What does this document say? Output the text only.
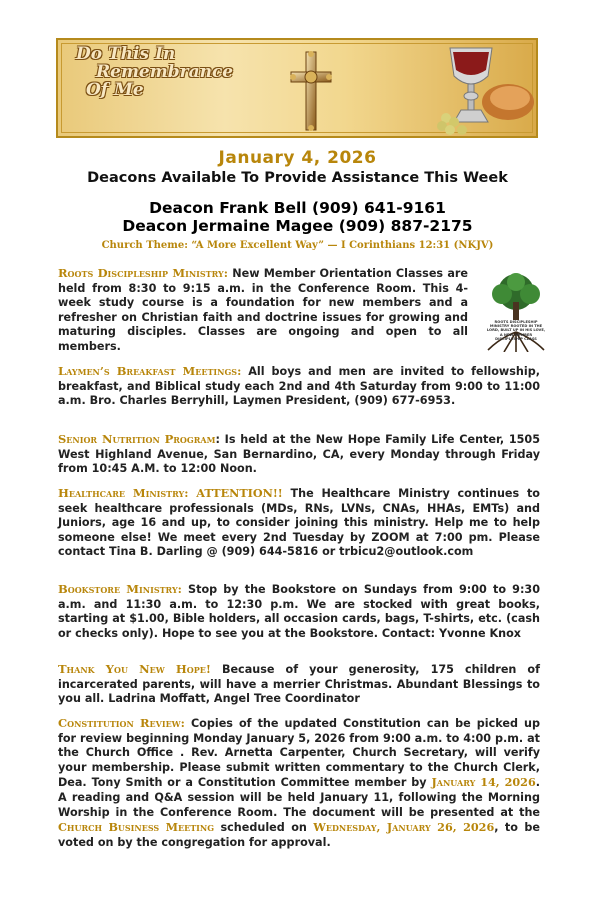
Do This In
Remembrance
Of Me
January 4, 2026
Deacons Available To Provide Assistance This Week
Deacon Frank Bell (909) 641-9161
Deacon Jermaine Magee (909) 887-2175
Church Theme: “A More Excellent Way” — I Corinthians 12:31 (NKJV)
Roots Discipleship Ministry: New Member Orientation Classes are held from 8:30 to 9:15 a.m. in the Conference Room. This 4-week study course is a foundation for new members and a refresher on Christian faith and doctrine issues for growing and maturing disciples. Classes are ongoing and open to all members.
ROOTS DISCIPLESHIP MINISTRY ROOTED IN THE LORD, BUILT UP IN HIS LOVE, A NEW MEMBER DISCIPLESHIP CLASS
Laymen’s Breakfast Meetings: All boys and men are invited to fellowship, breakfast, and Biblical study each 2nd and 4th Saturday from 9:00 to 11:00 a.m. Bro. Charles Berryhill, Laymen President, (909) 677-6953.
Senior Nutrition Program: Is held at the New Hope Family Life Center, 1505 West Highland Avenue, San Bernardino, CA, every Monday through Friday from 10:45 A.M. to 12:00 Noon.
Healthcare Ministry: ATTENTION!! The Healthcare Ministry continues to seek healthcare professionals (MDs, RNs, LVNs, CNAs, HHAs, EMTs) and Juniors, age 16 and up, to consider joining this ministry. Help me to help someone else! We meet every 2nd Tuesday by ZOOM at 7:00 pm. Please contact Tina B. Darling @ (909) 644-5816 or trbicu2@outlook.com
Bookstore Ministry: Stop by the Bookstore on Sundays from 9:00 to 9:30 a.m. and 11:30 a.m. to 12:30 p.m. We are stocked with great books, starting at $1.00, Bible holders, all occasion cards, bags, T-shirts, etc. (cash or checks only). Hope to see you at the Bookstore. Contact: Yvonne Knox
Thank You New Hope! Because of your generosity, 175 children of incarcerated parents, will have a merrier Christmas. Abundant Blessings to you all. Ladrina Moffatt, Angel Tree Coordinator
Constitution Review: Copies of the updated Constitution can be picked up for review beginning Monday January 5, 2026 from 9:00 a.m. to 4:00 p.m. at the Church Office . Rev. Arnetta Carpenter, Church Secretary, will verify your membership. Please submit written commentary to the Church Clerk, Dea. Tony Smith or a Constitution Committee member by January 14, 2026. A reading and Q&A session will be held January 11, following the Morning Worship in the Conference Room. The document will be presented at the Church Business Meeting scheduled on Wednesday, January 26, 2026, to be voted on by the congregation for approval.
